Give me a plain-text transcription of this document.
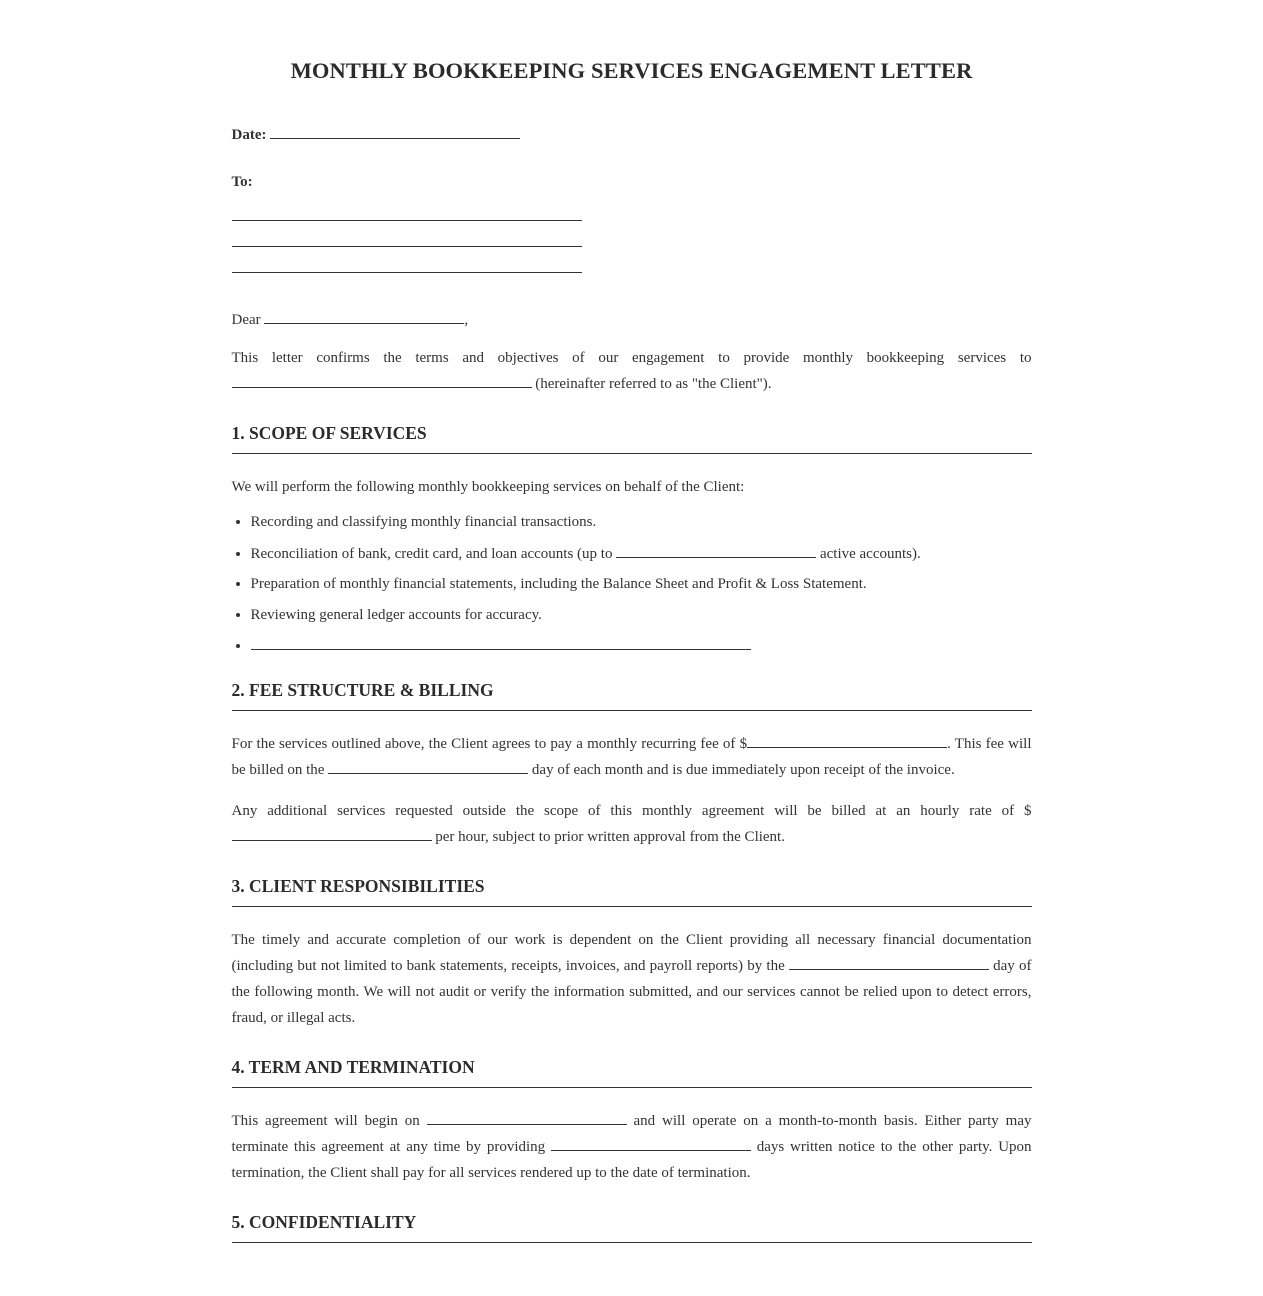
MONTHLY BOOKKEEPING SERVICES ENGAGEMENT LETTER
Date:
To:
Dear	,

This letter confirms the terms and objectives of our engagement to provide monthly bookkeeping services to  (hereinafter referred to as "the Client").

1. SCOPE OF SERVICES

We will perform the following monthly bookkeeping services on behalf of the Client:

• Recording and classifying monthly financial transactions.
• Reconciliation of bank, credit card, and loan accounts (up to	active accounts).
• Preparation of monthly financial statements, including the Balance Sheet and Profit & Loss Statement.
• Reviewing general ledger accounts for accuracy.
•
2. FEE STRUCTURE & BILLING

For the services outlined above, the Client agrees to pay a monthly recurring fee of $	. This fee will be billed on the	day of each month and is due immediately upon receipt of the invoice.

Any additional services requested outside the scope of this monthly agreement will be billed at an hourly rate of $  per hour, subject to prior written approval from the Client.

3. CLIENT RESPONSIBILITIES

The timely and accurate completion of our work is dependent on the Client providing all necessary financial documentation (including but not limited to bank statements, receipts, invoices, and payroll reports) by the	day of the following month. We will not audit or verify the information submitted, and our services cannot be relied upon to detect errors, fraud, or illegal acts.

4. TERM AND TERMINATION

This agreement will begin on	and will operate on a month-to-month basis. Either party may terminate this agreement at any time by providing	days written notice to the other party. Upon termination, the Client shall pay for all services rendered up to the date of termination.

5. CONFIDENTIALITY
